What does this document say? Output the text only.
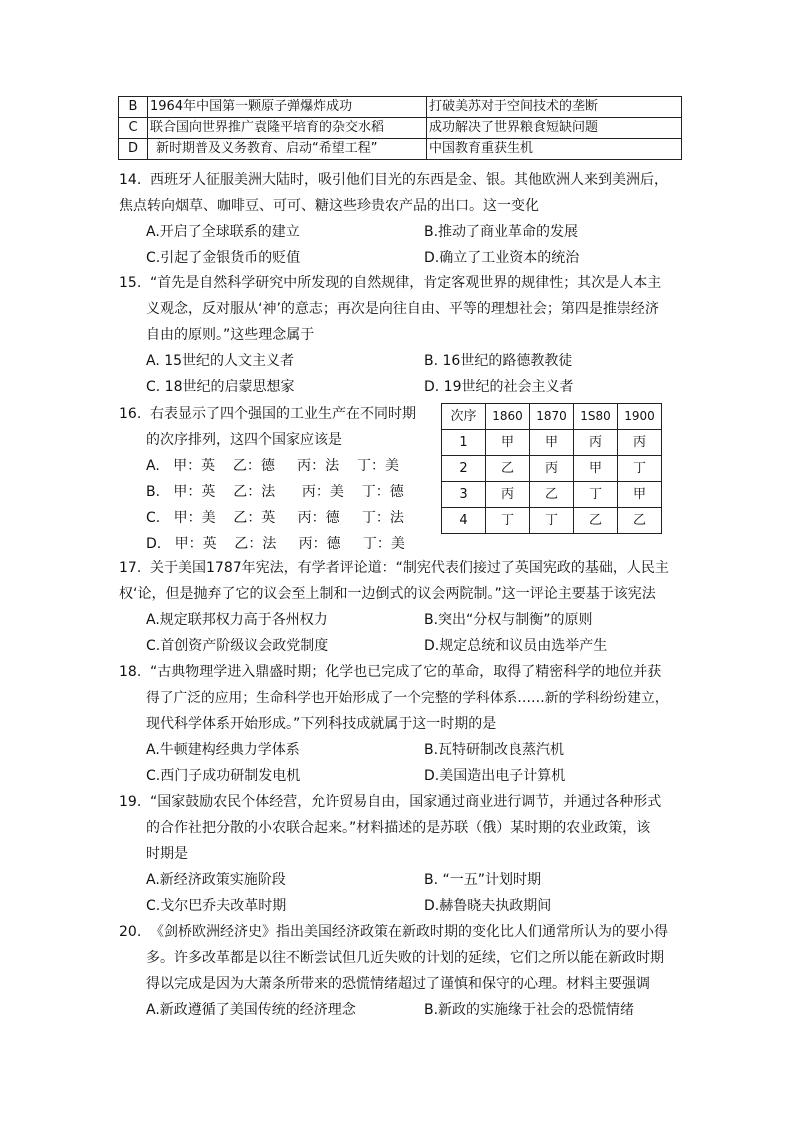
B	1964年中国第一颗原子弹爆炸成功	打破美苏对于空间技术的垄断
C	联合国向世界推广袁隆平培育的杂交水稻	成功解决了世界粮食短缺问题
D	新时期普及义务教育、启动“希望工程”	中国教育重获生机
14. 西班牙人征服美洲大陆时，吸引他们目光的东西是金、银。其他欧洲人来到美洲后，
焦点转向烟草、咖啡豆、可可、糖这些珍贵农产品的出口。这一变化
A.开启了全球联系的建立	B.推动了商业革命的发展
C.引起了金银货币的贬值	D.确立了工业资本的统治
15. “首先是自然科学研究中所发现的自然规律，肯定客观世界的规律性；其次是人本主
义观念，反对服从‘神’的意志；再次是向往自由、平等的理想社会；第四是推崇经济
自由的原则。”这些理念属于
A. 15世纪的人文主义者	B. 16世纪的路德教教徒
C. 18世纪的启蒙思想家	D. 19世纪的社会主义者
16. 右表显示了四个强国的工业生产在不同时期
的次序排列，这四个国家应该是
A.   甲：英    乙：德     丙：法    丁：美
B.   甲：英    乙：法      丙：美    丁：德
C.   甲：美    乙：英     丙：德     丁：法
D.   甲：英    乙：法     丙：德     丁：美
次序	1860	1870	1S80	1900
1	甲	甲	丙	丙
2	乙	丙	甲	丁
3	丙	乙	丁	甲
4	丁	丁	乙	乙
17. 关于美国1787年宪法，有学者评论道：“制宪代表们接过了英国宪政的基础，人民主
权‘论，但是抛弃了它的议会至上制和一边倒式的议会两院制。”这一评论主要基于该宪法
A.规定联邦权力高于各州权力	B.突出“分权与制衡”的原则
C.首创资产阶级议会政党制度	D.规定总统和议员由选举产生
18. “古典物理学进入鼎盛时期；化学也已完成了它的革命，取得了精密科学的地位并获
得了广泛的应用；生命科学也开始形成了一个完整的学科体系……新的学科纷纷建立，
现代科学体系开始形成。”下列科技成就属于这一时期的是
A.牛顿建构经典力学体系	B.瓦特研制改良蒸汽机
C.西门子成功研制发电机	D.美国造出电子计算机
19. “国家鼓励农民个体经营，允许贸易自由，国家通过商业进行调节，并通过各种形式
的合作社把分散的小农联合起来。”材料描述的是苏联（俄）某时期的农业政策，该
时期是
A.新经济政策实施阶段	B. “一五”计划时期
C.戈尔巴乔夫改革时期	D.赫鲁晓夫执政期间
20. 《剑桥欧洲经济史》指出美国经济政策在新政时期的变化比人们通常所认为的要小得
多。许多改革都是以往不断尝试但几近失败的计划的延续，它们之所以能在新政时期
得以完成是因为大萧条所带来的恐慌情绪超过了谨慎和保守的心理。材料主要强调
A.新政遵循了美国传统的经济理念	B.新政的实施缘于社会的恐慌情绪
